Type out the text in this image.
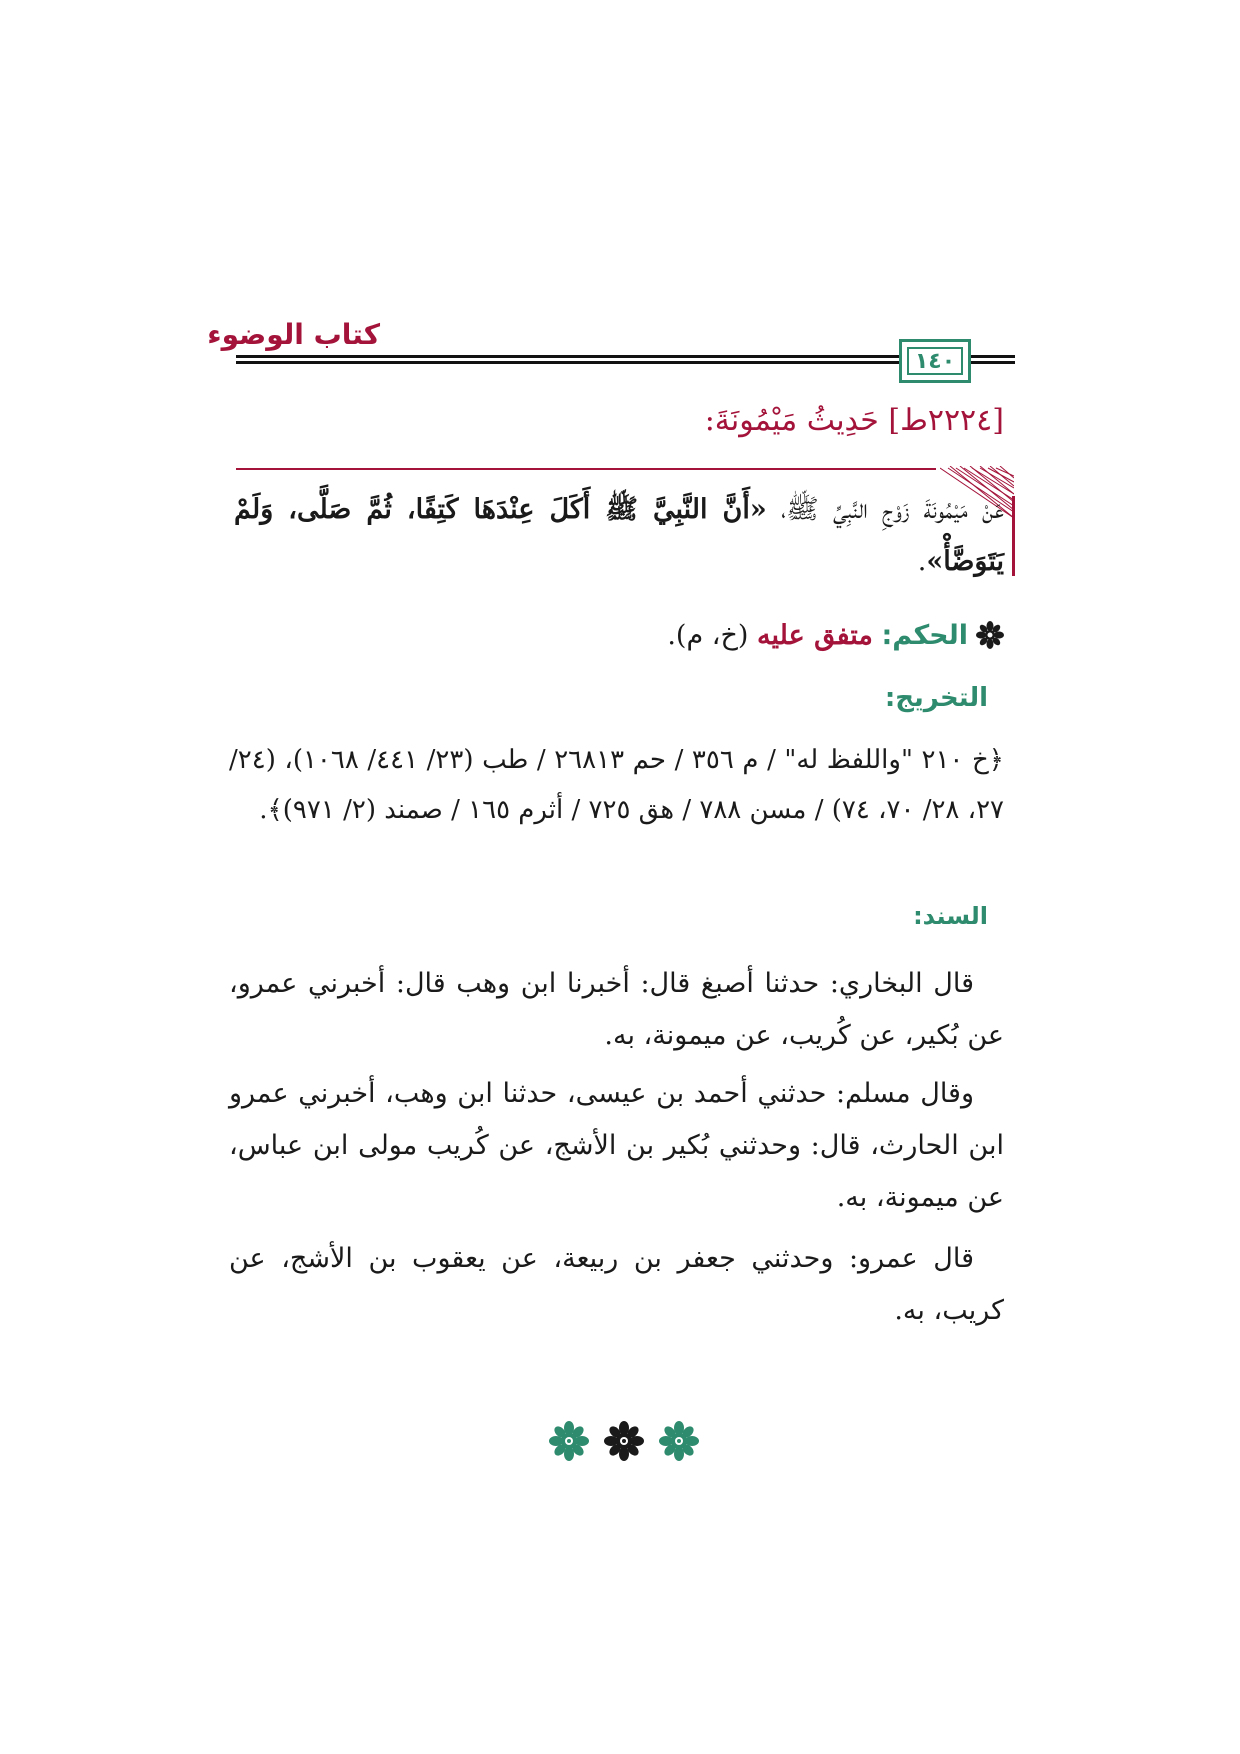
كتاب الوضوء
١٤٠
[٢٢٢٤ط] حَدِيثُ مَيْمُونَةَ:
عَنْ مَيْمُونَةَ زَوْجِ النَّبِيِّ ﷺ، «أَنَّ النَّبِيَّ ﷺ أَكَلَ عِنْدَهَا كَتِفًا، ثُمَّ صَلَّى، وَلَمْ يَتَوَضَّأْ».
الحكم: متفق عليه (خ، م).
التخريج:
﴿خ ٢١٠ "واللفظ له" / م ٣٥٦ / حم ٢٦٨١٣ / طب (٢٣/ ٤٤١/ ١٠٦٨)، (٢٤/ ٢٧، ٢٨/ ٧٠، ٧٤) / مسن ٧٨٨ / هق ٧٢٥ / أثرم ١٦٥ / صمند (٢/ ٩٧١)﴾.
السند:
قال البخاري: حدثنا أصبغ قال: أخبرنا ابن وهب قال: أخبرني عمرو، عن بُكير، عن كُريب، عن ميمونة، به.
وقال مسلم: حدثني أحمد بن عيسى، حدثنا ابن وهب، أخبرني عمرو ابن الحارث، قال: وحدثني بُكير بن الأشج، عن كُريب مولى ابن عباس، عن ميمونة، به.
قال عمرو: وحدثني جعفر بن ربيعة، عن يعقوب بن الأشج، عن كريب، به.
